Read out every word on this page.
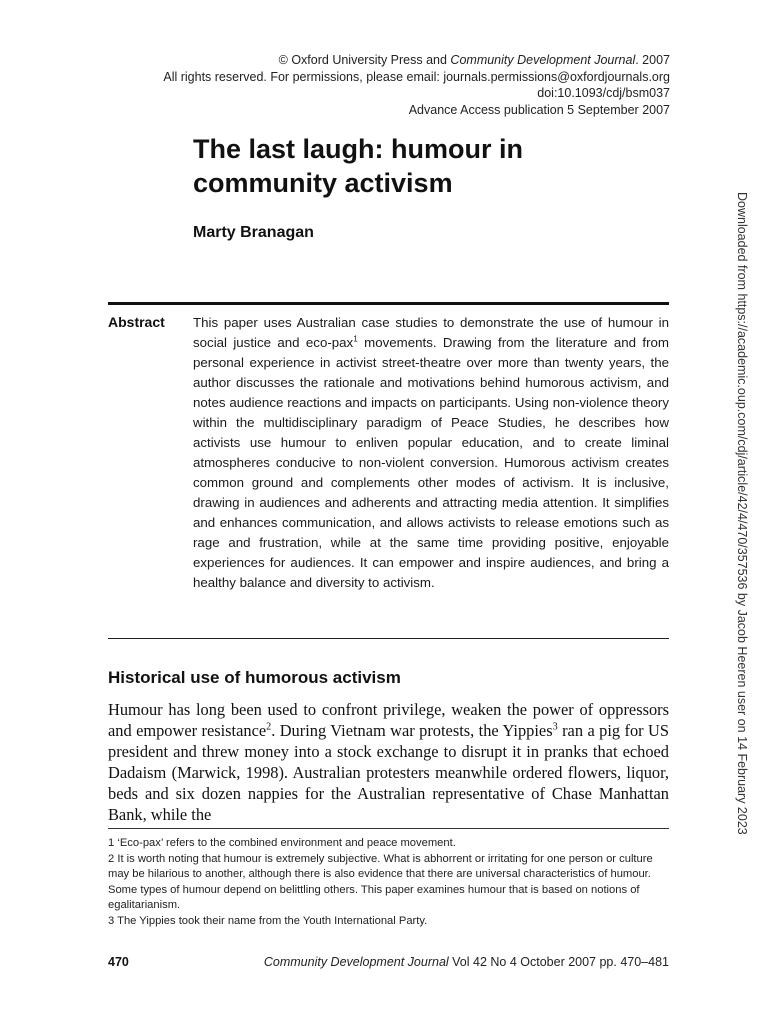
© Oxford University Press and Community Development Journal. 2007
All rights reserved. For permissions, please email: journals.permissions@oxfordjournals.org
doi:10.1093/cdj/bsm037
Advance Access publication 5 September 2007
The last laugh: humour in community activism
Marty Branagan
Abstract This paper uses Australian case studies to demonstrate the use of humour in social justice and eco-pax$^1$ movements. Drawing from the literature and from personal experience in activist street-theatre over more than twenty years, the author discusses the rationale and motivations behind humorous activism, and notes audience reactions and impacts on participants. Using non-violence theory within the multidisciplinary paradigm of Peace Studies, he describes how activists use humour to enliven popular education, and to create liminal atmospheres conducive to non-violent conversion. Humorous activism creates common ground and complements other modes of activism. It is inclusive, drawing in audiences and adherents and attracting media attention. It simplifies and enhances communication, and allows activists to release emotions such as rage and frustration, while at the same time providing positive, enjoyable experiences for audiences. It can empower and inspire audiences, and bring a healthy balance and diversity to activism.

Historical use of humorous activism

Humour has long been used to confront privilege, weaken the power of oppressors and empower resistance$^2$. During Vietnam war protests, the Yippies$^3$ ran a pig for US president and threw money into a stock exchange to disrupt it in pranks that echoed Dadaism (Marwick, 1998). Australian protesters meanwhile ordered flowers, liquor, beds and six dozen nappies for the Australian representative of Chase Manhattan Bank, while the

1 ‘Eco-pax’ refers to the combined environment and peace movement.

2 It is worth noting that humour is extremely subjective. What is abhorrent or irritating for one person or culture may be hilarious to another, although there is also evidence that there are universal characteristics of humour. Some types of humour depend on belittling others. This paper examines humour that is based on notions of egalitarianism.

3 The Yippies took their name from the Youth International Party.

470	Community Development Journal Vol 42 No 4 October 2007 pp. 470–481
Downloaded from https://academic.oup.com/cdj/article/42/4/470/357536 by Jacob Heeren user on 14 February 2023
